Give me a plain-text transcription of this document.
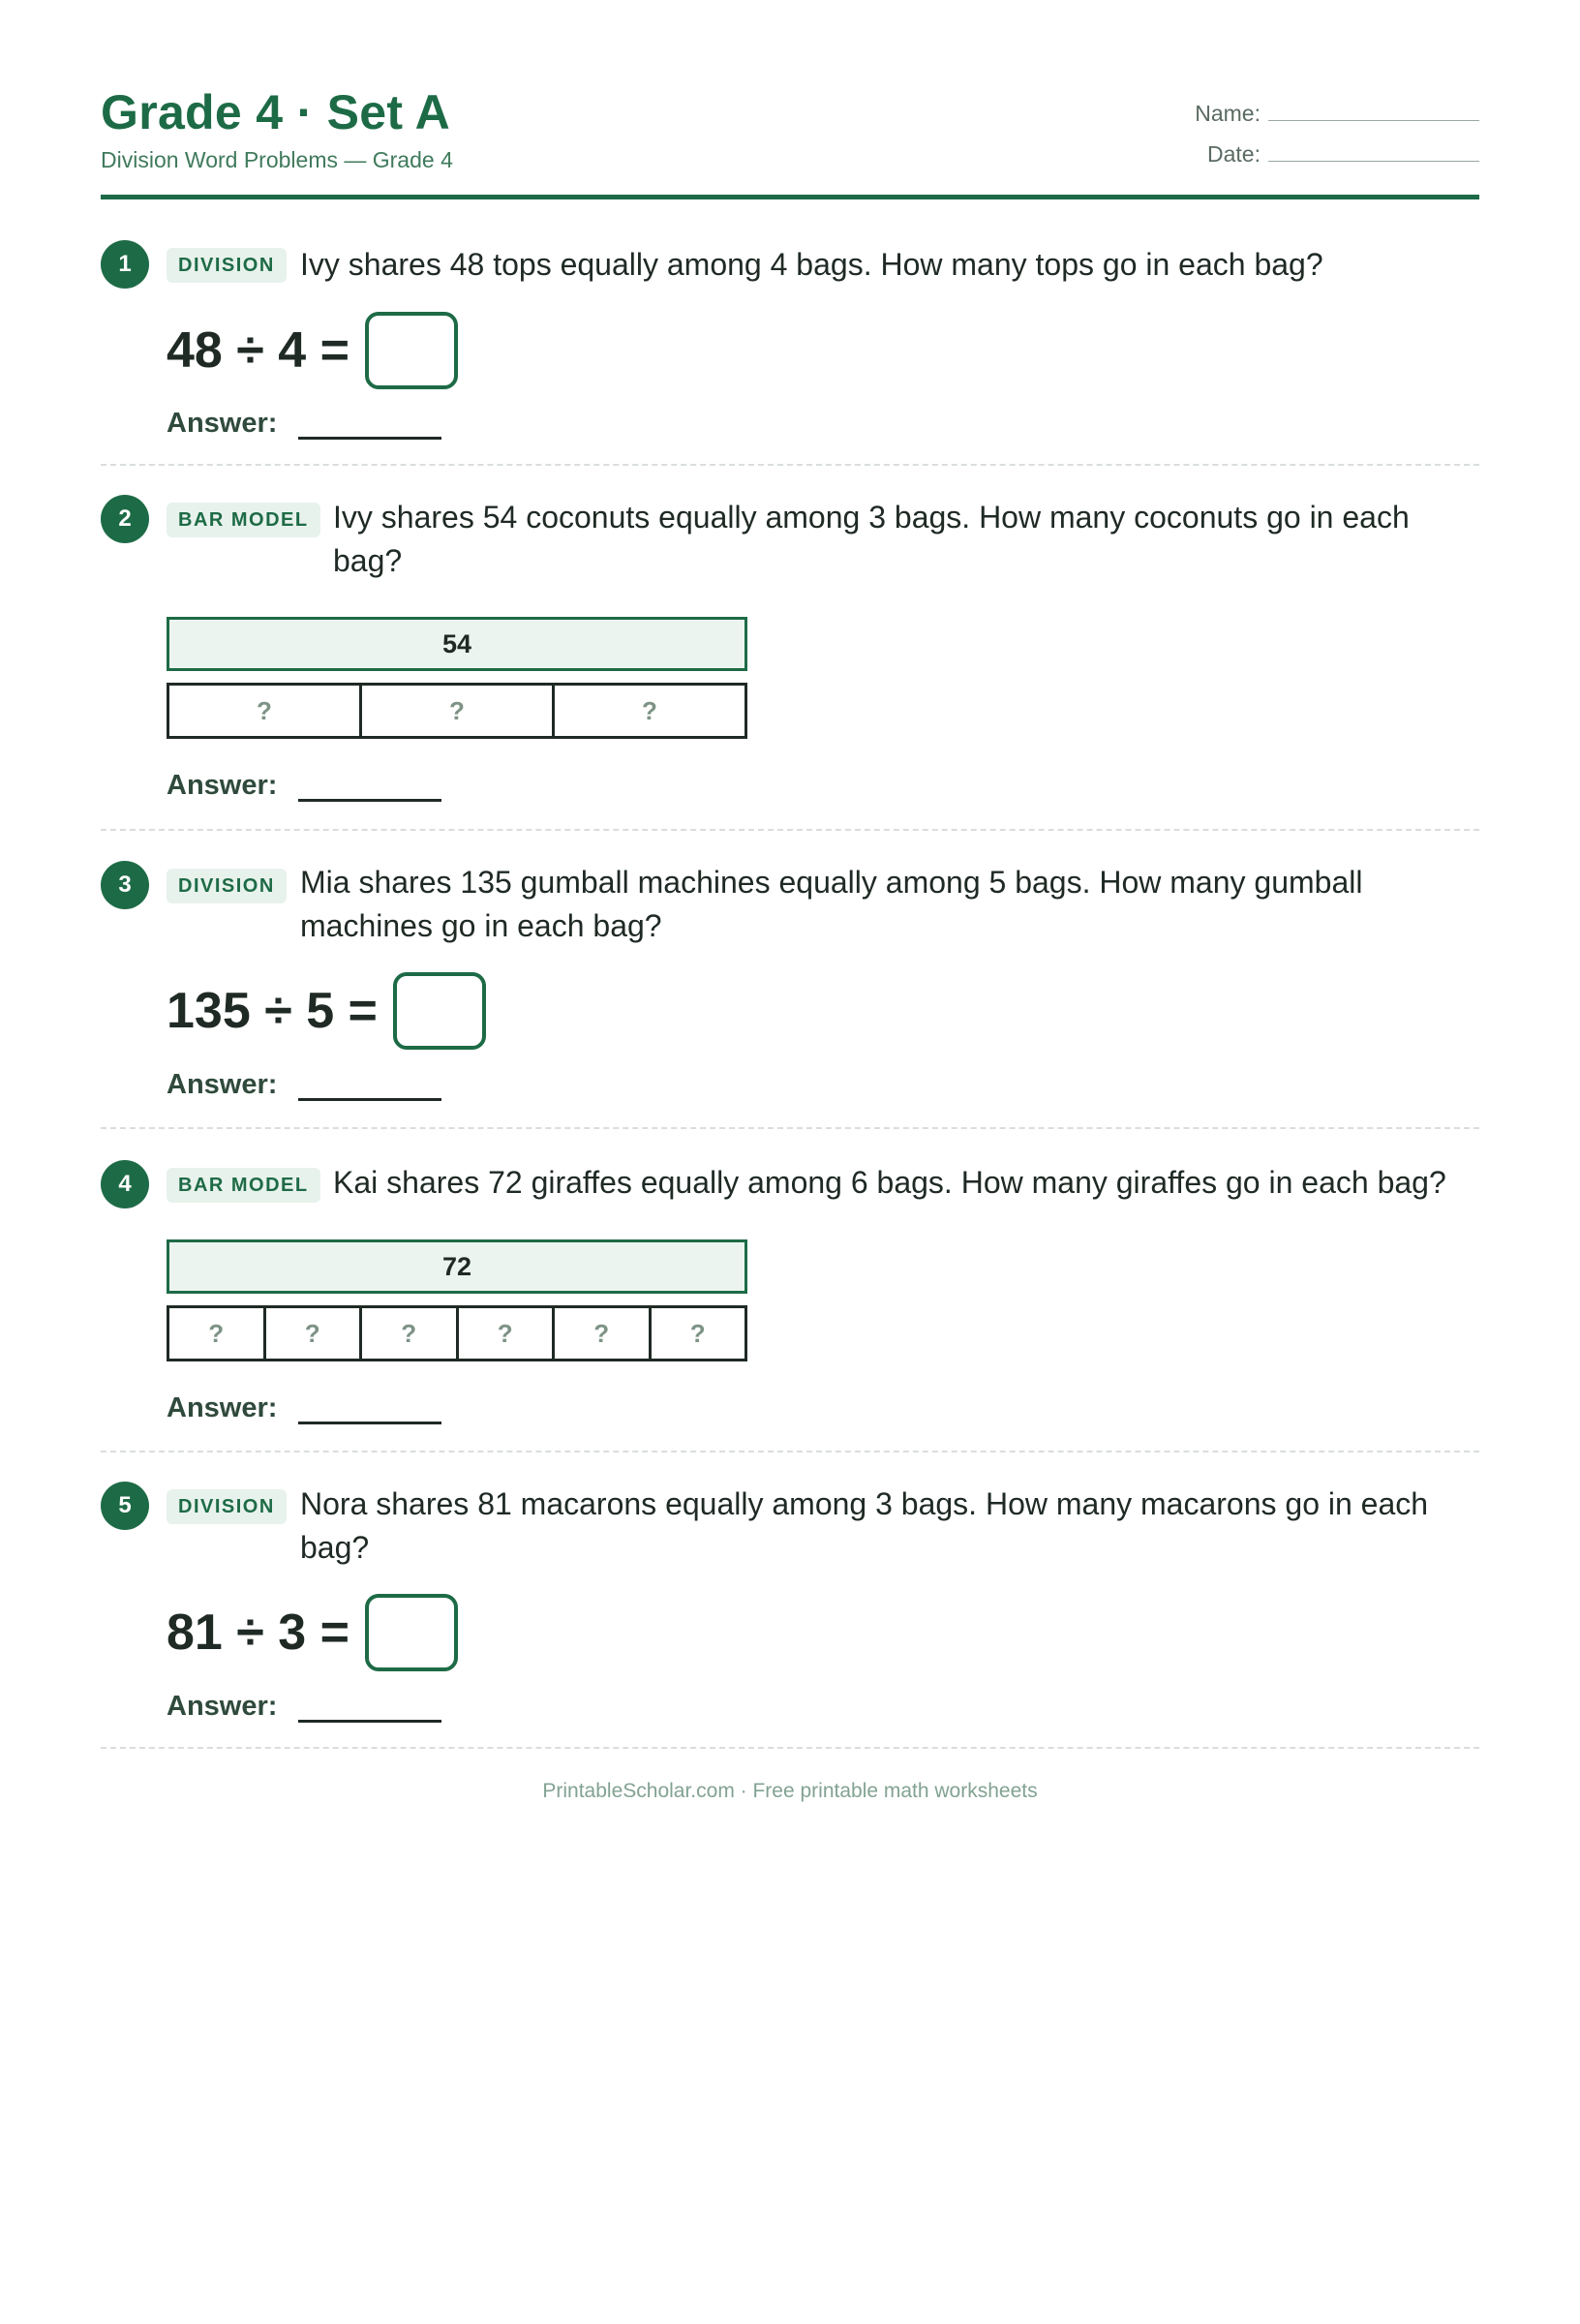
Grade 4 · Set A
Division Word Problems — Grade 4
Name:
Date:
1	DIVISION Ivy shares 48 tops equally among 4 bags. How many tops go in each bag?
48 ÷ 4 =
Answer:
2	BAR MODEL Ivy shares 54 coconuts equally among 3 bags. How many coconuts go in each bag?
54
?	?	?
Answer:
3	DIVISION Mia shares 135 gumball machines equally among 5 bags. How many gumball machines go in each bag?
135 ÷ 5 =
Answer:
4	BAR MODEL Kai shares 72 giraffes equally among 6 bags. How many giraffes go in each bag?
72
?	?	?	?	?	?
Answer:
5	DIVISION Nora shares 81 macarons equally among 3 bags. How many macarons go in each bag?
81 ÷ 3 =
Answer:
PrintableScholar.com · Free printable math worksheets
